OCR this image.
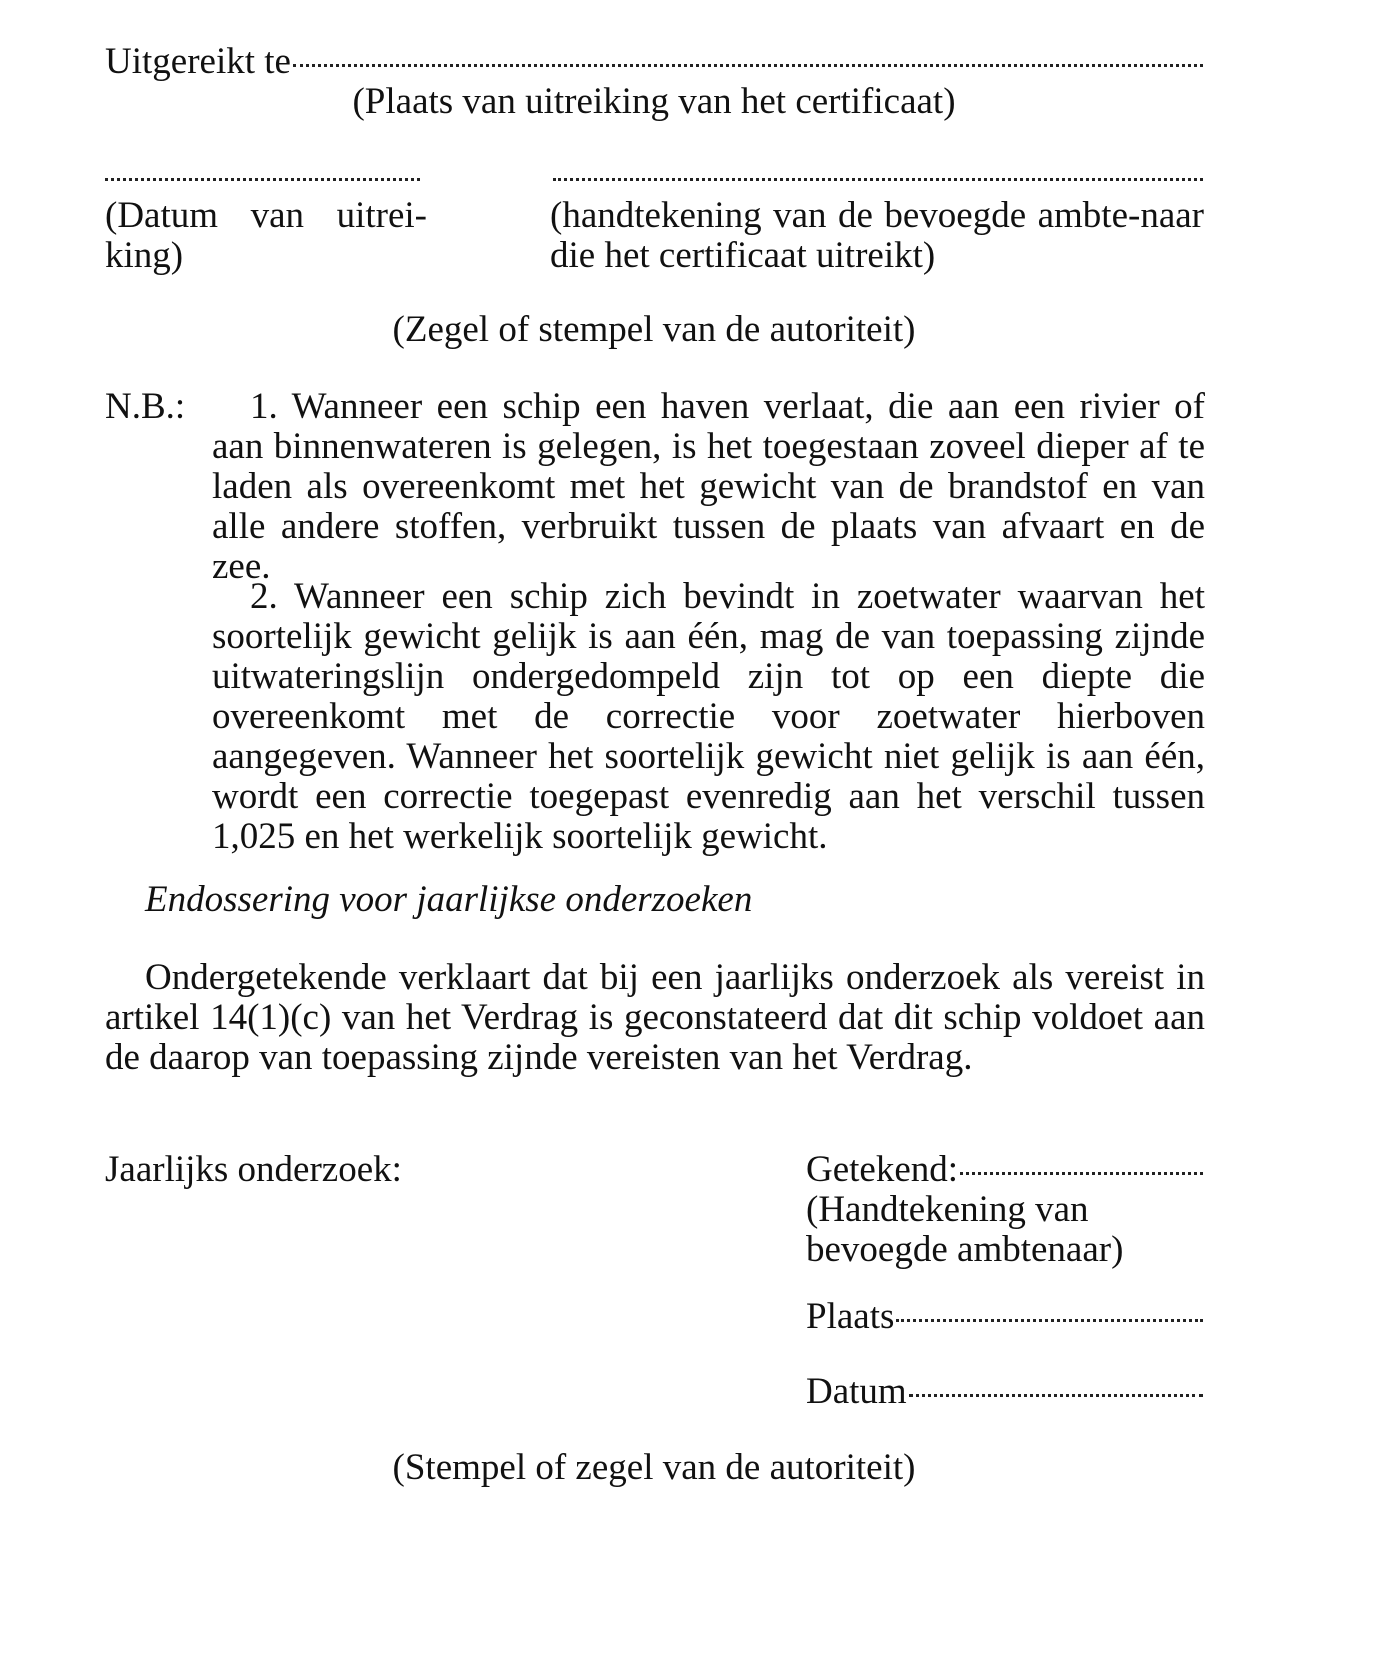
Uitgereikt te
(Plaats van uitreiking van het certificaat)
(Datum van uitrei-king)
(handtekening van de bevoegde ambte-naar die het certificaat uitreikt)
(Zegel of stempel van de autoriteit)
N.B.:	1. Wanneer een schip een haven verlaat, die aan een rivier of aan binnenwateren is gelegen, is het toegestaan zoveel dieper af te laden als overeenkomt met het gewicht van de brandstof en van alle andere stoffen, verbruikt tussen de plaats van afvaart en de zee.
2. Wanneer een schip zich bevindt in zoetwater waarvan het soortelijk gewicht gelijk is aan één, mag de van toepassing zijnde uitwateringslijn ondergedompeld zijn tot op een diepte die overeenkomt met de correctie voor zoetwater hierboven aangegeven. Wanneer het soortelijk gewicht niet gelijk is aan één, wordt een correctie toegepast evenredig aan het verschil tussen 1,025 en het werkelijk soortelijk gewicht.
Endossering voor jaarlijkse onderzoeken
Ondergetekende verklaart dat bij een jaarlijks onderzoek als vereist in artikel 14(1)(c) van het Verdrag is geconstateerd dat dit schip voldoet aan de daarop van toepassing zijnde vereisten van het Verdrag.
Jaarlijks onderzoek:	Getekend:
(Handtekening van bevoegde ambtenaar)
Plaats
Datum
(Stempel of zegel van de autoriteit)
